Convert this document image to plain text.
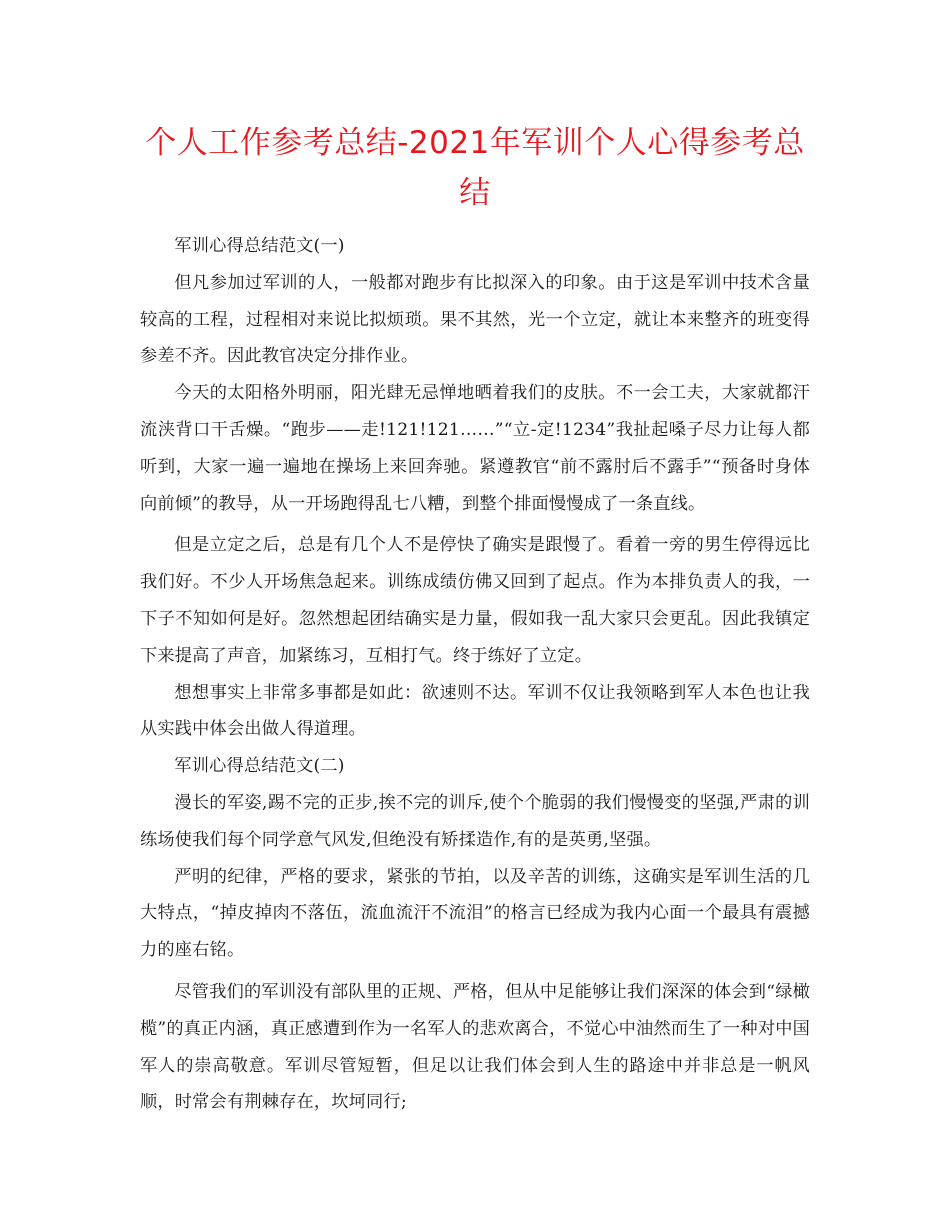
个人工作参考总结-2021年军训个人心得参考总结

军训心得总结范文(一)

但凡参加过军训的人，一般都对跑步有比拟深入的印象。由于这是军训中技术含量较高的工程，过程相对来说比拟烦琐。果不其然，光一个立定，就让本来整齐的班变得参差不齐。因此教官决定分排作业。

今天的太阳格外明丽，阳光肆无忌惮地晒着我们的皮肤。不一会工夫，大家就都汗流浃背口干舌燥。“跑步——走!121!121……”“立-定!1234”我扯起嗓子尽力让每人都听到，大家一遍一遍地在操场上来回奔驰。紧遵教官“前不露肘后不露手”“预备时身体向前倾”的教导，从一开场跑得乱七八糟，到整个排面慢慢成了一条直线。

但是立定之后，总是有几个人不是停快了确实是跟慢了。看着一旁的男生停得远比我们好。不少人开场焦急起来。训练成绩仿佛又回到了起点。作为本排负责人的我，一下子不知如何是好。忽然想起团结确实是力量，假如我一乱大家只会更乱。因此我镇定下来提高了声音，加紧练习，互相打气。终于练好了立定。

想想事实上非常多事都是如此：欲速则不达。军训不仅让我领略到军人本色也让我从实践中体会出做人得道理。

军训心得总结范文(二)

漫长的军姿,踢不完的正步,挨不完的训斥,使个个脆弱的我们慢慢变的坚强,严肃的训练场使我们每个同学意气风发,但绝没有矫揉造作,有的是英勇,坚强。

严明的纪律，严格的要求，紧张的节拍，以及辛苦的训练，这确实是军训生活的几大特点，“掉皮掉肉不落伍，流血流汗不流泪”的格言已经成为我内心面一个最具有震撼力的座右铭。

尽管我们的军训没有部队里的正规、严格，但从中足能够让我们深深的体会到“绿橄榄”的真正内涵，真正感遭到作为一名军人的悲欢离合，不觉心中油然而生了一种对中国军人的崇高敬意。军训尽管短暂，但足以让我们体会到人生的路途中并非总是一帆风顺，时常会有荆棘存在，坎坷同行;
